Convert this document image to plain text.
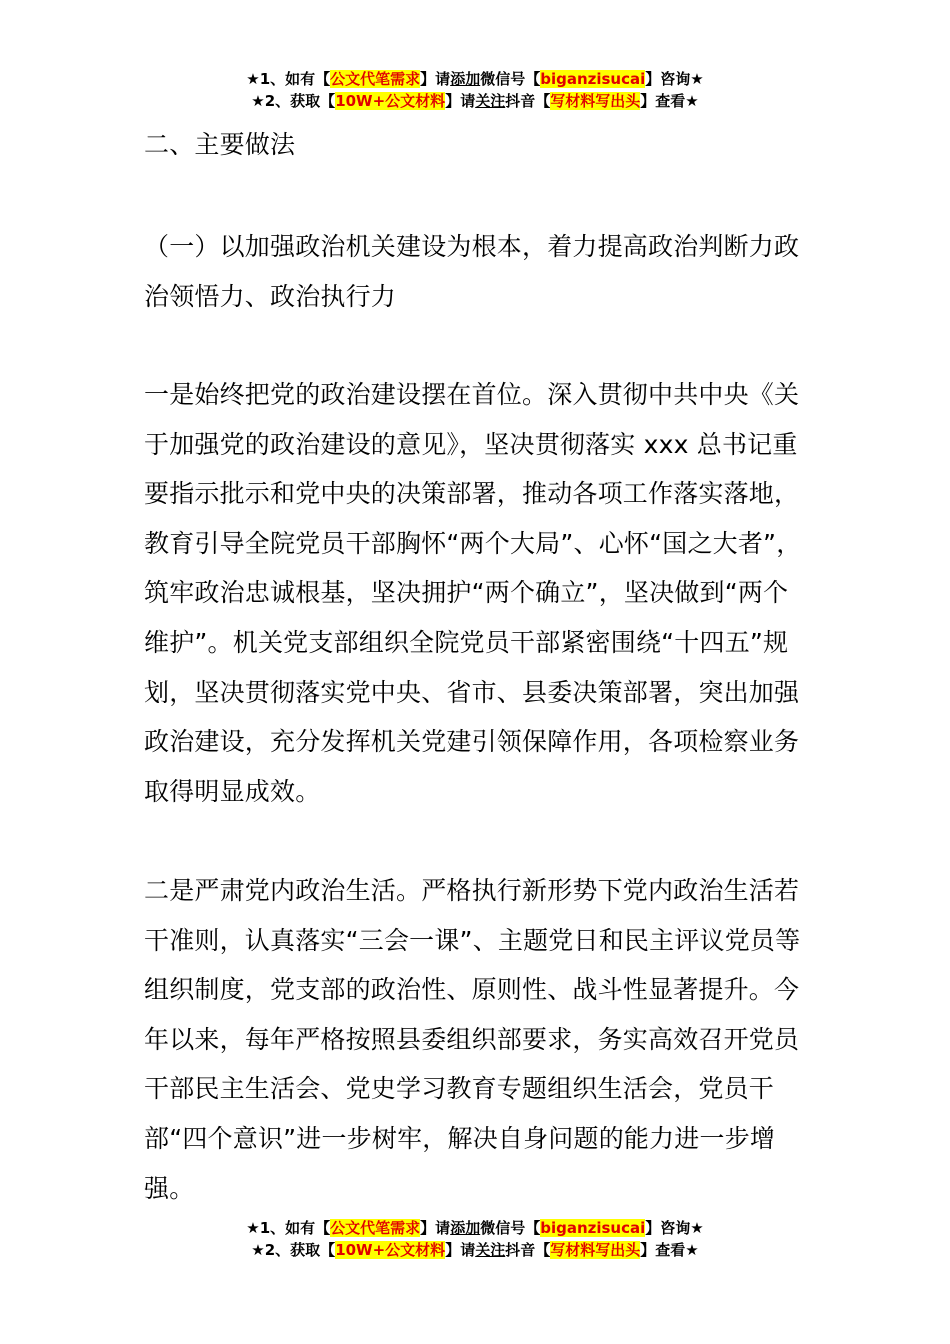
★1、如有【公文代笔需求】请添加微信号【biganzisucai】咨询★
★2、获取【10W+公文材料】请关注抖音【写材料写出头】查看★
二、主要做法

（一）以加强政治机关建设为根本，着力提高政治判断力政治领悟力、政治执行力

一是始终把党的政治建设摆在首位。深入贯彻中共中央《关于加强党的政治建设的意见》，坚决贯彻落实 xxx 总书记重要指示批示和党中央的决策部署，推动各项工作落实落地，教育引导全院党员干部胸怀“两个大局”、心怀“国之大者”，筑牢政治忠诚根基，坚决拥护“两个确立”，坚决做到“两个维护”。机关党支部组织全院党员干部紧密围绕“十四五”规划，坚决贯彻落实党中央、省市、县委决策部署，突出加强政治建设，充分发挥机关党建引领保障作用，各项检察业务取得明显成效。

二是严肃党内政治生活。严格执行新形势下党内政治生活若干准则，认真落实“三会一课”、主题党日和民主评议党员等组织制度，党支部的政治性、原则性、战斗性显著提升。今年以来，每年严格按照县委组织部要求，务实高效召开党员干部民主生活会、党史学习教育专题组织生活会，党员干部“四个意识”进一步树牢，解决自身问题的能力进一步增强。

★1、如有【公文代笔需求】请添加微信号【biganzisucai】咨询★
★2、获取【10W+公文材料】请关注抖音【写材料写出头】查看★
